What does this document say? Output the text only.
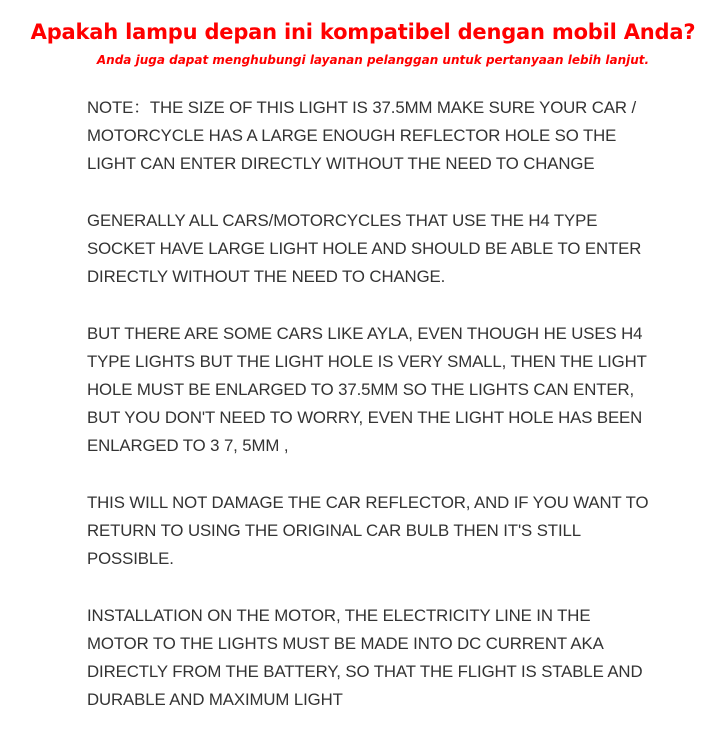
Apakah lampu depan ini kompatibel dengan mobil Anda?
Anda juga dapat menghubungi layanan pelanggan untuk pertanyaan lebih lanjut.
NOTE：THE SIZE OF THIS LIGHT IS 37.5MM MAKE SURE YOUR CAR /
MOTORCYCLE HAS A LARGE ENOUGH REFLECTOR HOLE SO THE
LIGHT CAN ENTER DIRECTLY WITHOUT THE NEED TO CHANGE
GENERALLY ALL CARS/MOTORCYCLES THAT USE THE H4 TYPE
SOCKET HAVE LARGE LIGHT HOLE AND SHOULD BE ABLE TO ENTER
DIRECTLY WITHOUT THE NEED TO CHANGE.
BUT THERE ARE SOME CARS LIKE AYLA, EVEN THOUGH HE USES H4
TYPE LIGHTS BUT THE LIGHT HOLE IS VERY SMALL, THEN THE LIGHT
HOLE MUST BE ENLARGED TO 37.5MM SO THE LIGHTS CAN ENTER,
BUT YOU DON'T NEED TO WORRY, EVEN THE LIGHT HOLE HAS BEEN
ENLARGED TO 3 7, 5MM ,
THIS WILL NOT DAMAGE THE CAR REFLECTOR, AND IF YOU WANT TO
RETURN TO USING THE ORIGINAL CAR BULB THEN IT'S STILL
POSSIBLE.
INSTALLATION ON THE MOTOR, THE ELECTRICITY LINE IN THE
MOTOR TO THE LIGHTS MUST BE MADE INTO DC CURRENT AKA
DIRECTLY FROM THE BATTERY, SO THAT THE FLIGHT IS STABLE AND
DURABLE AND MAXIMUM LIGHT
